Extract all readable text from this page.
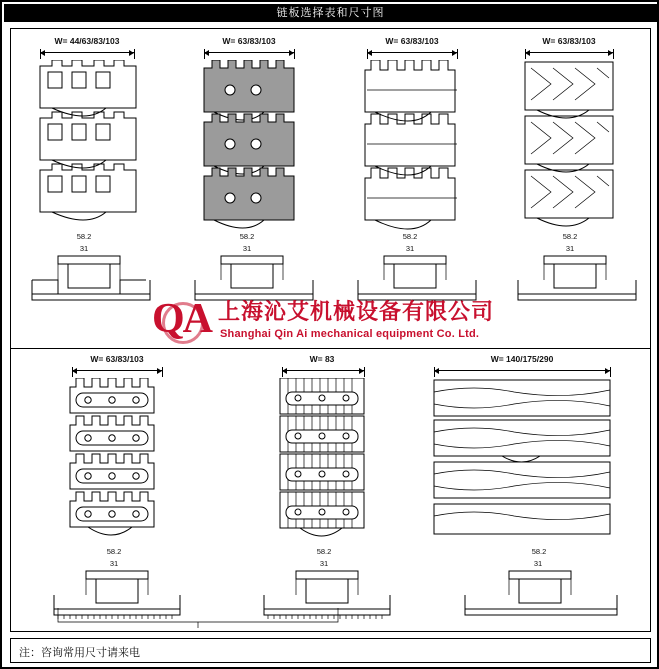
链板选择表和尺寸图
W= 44/63/83/103	W= 63/83/103	W= 63/83/103	W= 63/83/103
58.2
31
58.2
31
58.2
31
58.2
31
QA 上海沁艾机械设备有限公司
Shanghai Qin Ai mechanical equipment Co. Ltd.
W= 63/83/103	W= 83	W= 140/175/290
58.2
31
58.2
31
58.2
31
注：咨询常用尺寸请来电
